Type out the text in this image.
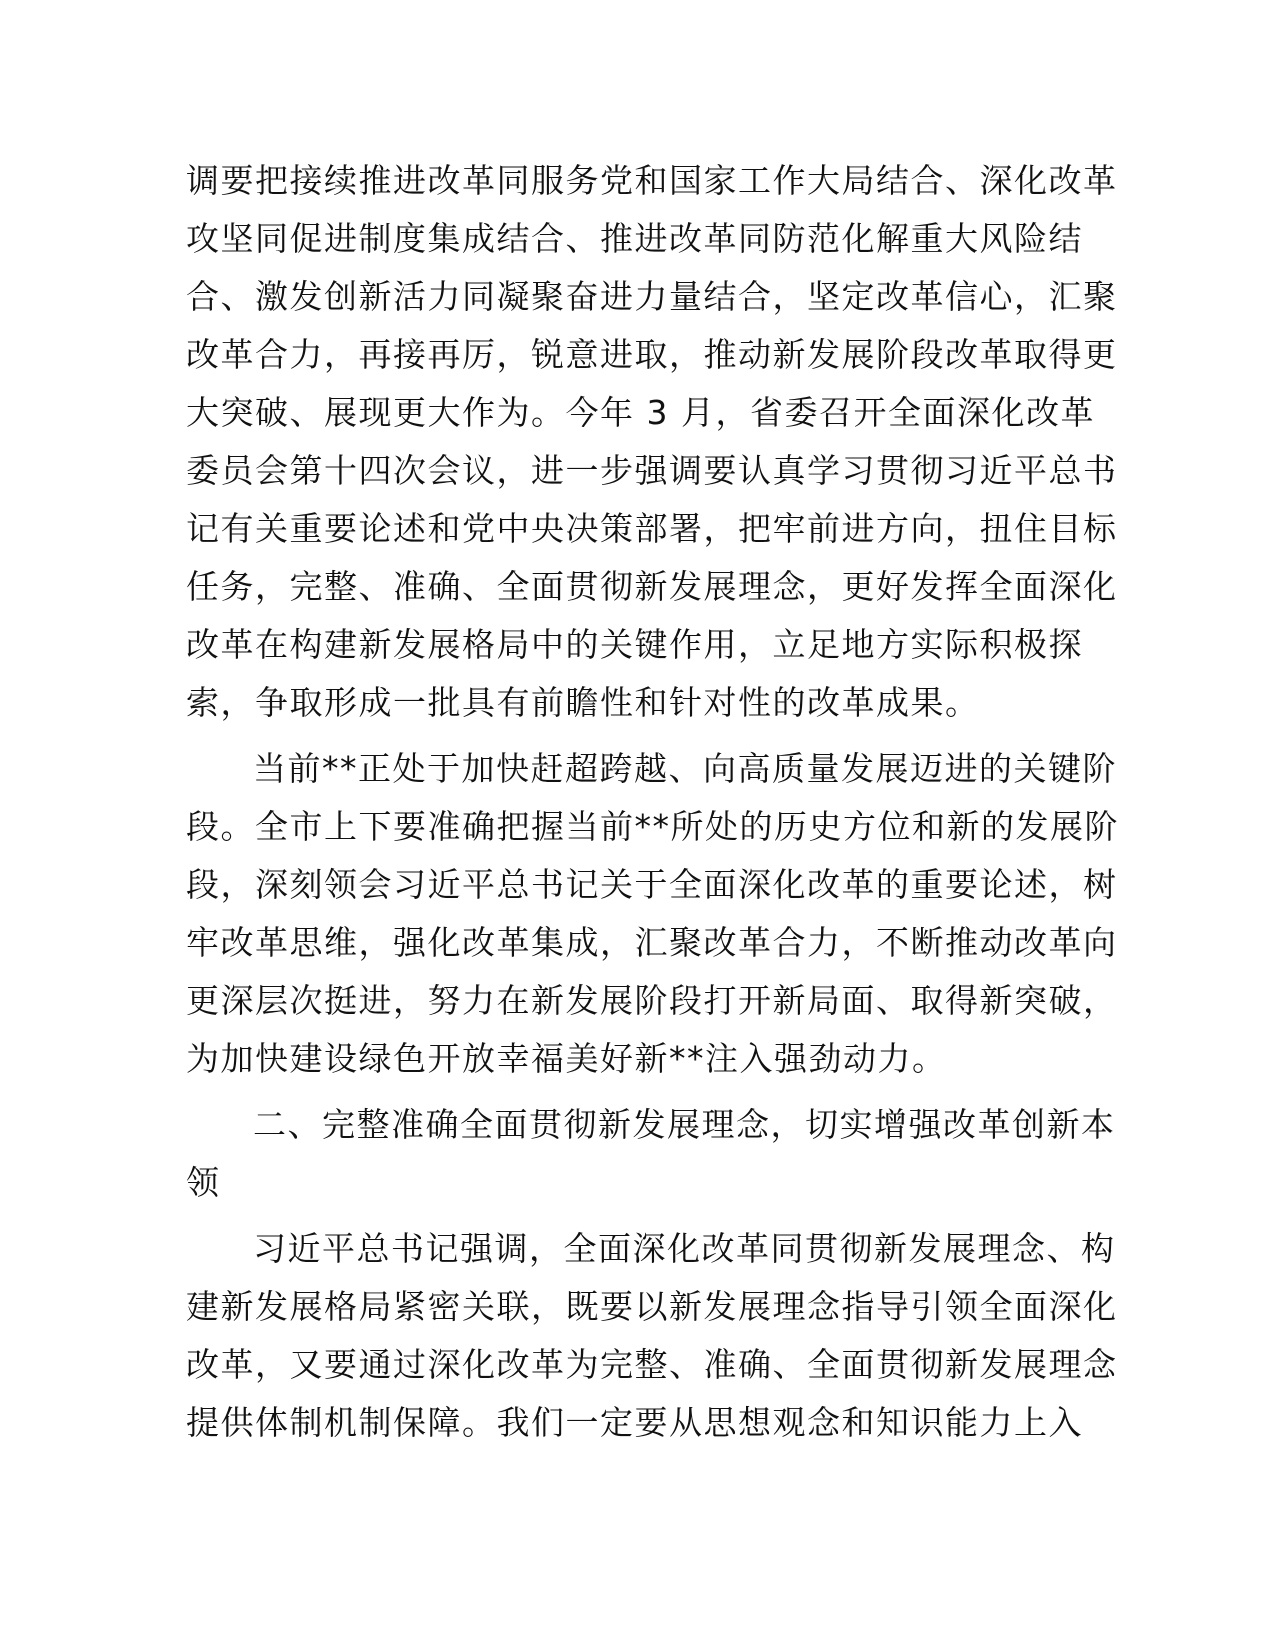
调要把接续推进改革同服务党和国家工作大局结合、深化改革
攻坚同促进制度集成结合、推进改革同防范化解重大风险结
合、激发创新活力同凝聚奋进力量结合，坚定改革信心，汇聚
改革合力，再接再厉，锐意进取，推动新发展阶段改革取得更
大突破、展现更大作为。今年 3 月，省委召开全面深化改革
委员会第十四次会议，进一步强调要认真学习贯彻习近平总书
记有关重要论述和党中央决策部署，把牢前进方向，扭住目标
任务，完整、准确、全面贯彻新发展理念，更好发挥全面深化
改革在构建新发展格局中的关键作用，立足地方实际积极探
索，争取形成一批具有前瞻性和针对性的改革成果。
当前**正处于加快赶超跨越、向高质量发展迈进的关键阶
段。全市上下要准确把握当前**所处的历史方位和新的发展阶
段，深刻领会习近平总书记关于全面深化改革的重要论述，树
牢改革思维，强化改革集成，汇聚改革合力，不断推动改革向
更深层次挺进，努力在新发展阶段打开新局面、取得新突破，
为加快建设绿色开放幸福美好新**注入强劲动力。
二、完整准确全面贯彻新发展理念，切实增强改革创新本
领
习近平总书记强调，全面深化改革同贯彻新发展理念、构
建新发展格局紧密关联，既要以新发展理念指导引领全面深化
改革，又要通过深化改革为完整、准确、全面贯彻新发展理念
提供体制机制保障。我们一定要从思想观念和知识能力上入
